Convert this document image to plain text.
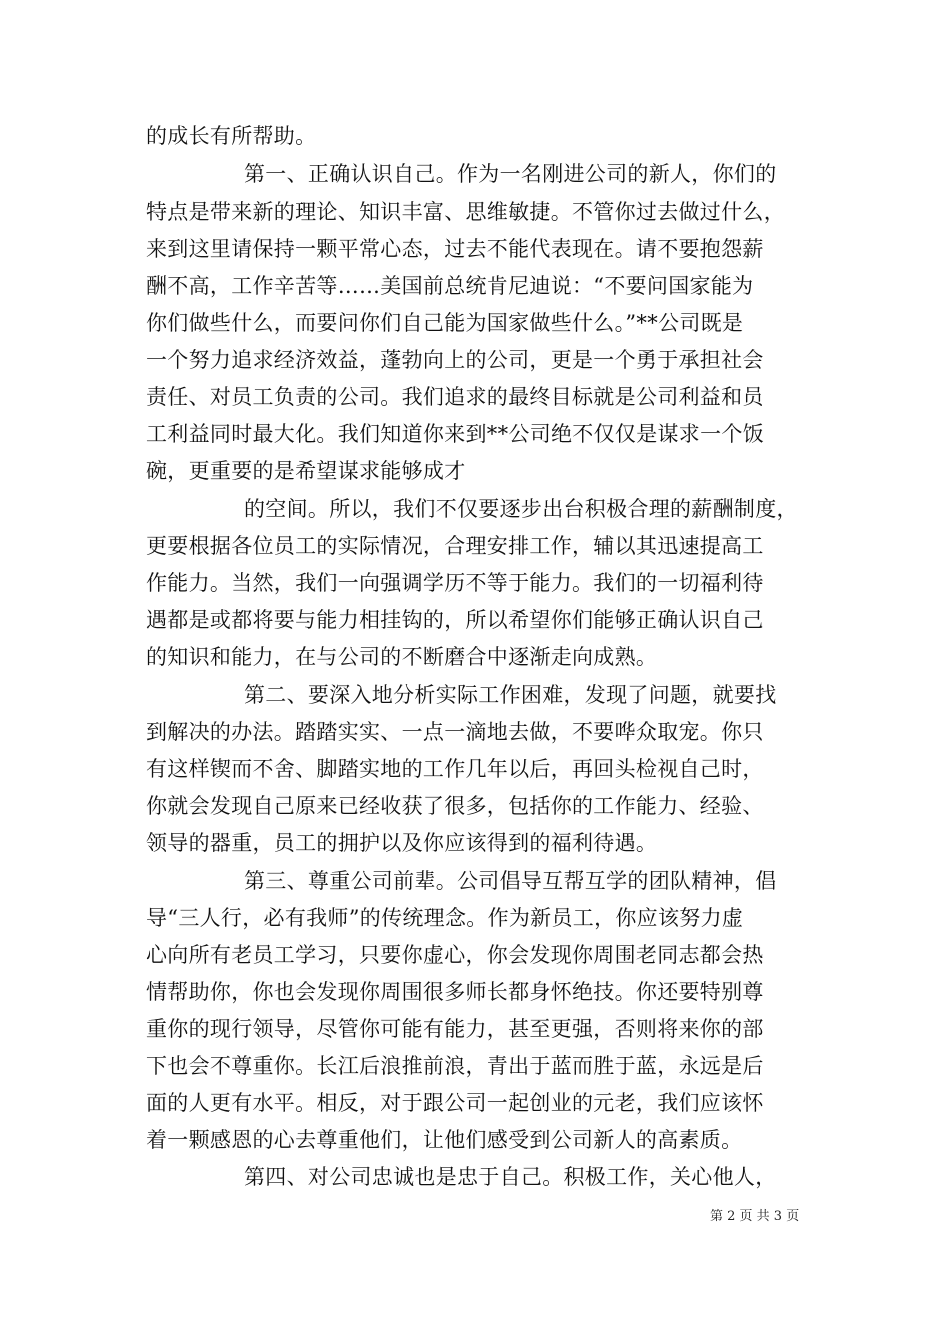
的成长有所帮助。
第一、正确认识自己。作为一名刚进公司的新人，你们的
特点是带来新的理论、知识丰富、思维敏捷。不管你过去做过什么，
来到这里请保持一颗平常心态，过去不能代表现在。请不要抱怨薪
酬不高，工作辛苦等……美国前总统肯尼迪说：“不要问国家能为
你们做些什么，而要问你们自己能为国家做些什么。”**公司既是
一个努力追求经济效益，蓬勃向上的公司，更是一个勇于承担社会
责任、对员工负责的公司。我们追求的最终目标就是公司利益和员
工利益同时最大化。我们知道你来到**公司绝不仅仅是谋求一个饭
碗，更重要的是希望谋求能够成才
的空间。所以，我们不仅要逐步出台积极合理的薪酬制度，
更要根据各位员工的实际情况，合理安排工作，辅以其迅速提高工
作能力。当然，我们一向强调学历不等于能力。我们的一切福利待
遇都是或都将要与能力相挂钩的，所以希望你们能够正确认识自己
的知识和能力，在与公司的不断磨合中逐渐走向成熟。
第二、要深入地分析实际工作困难，发现了问题，就要找
到解决的办法。踏踏实实、一点一滴地去做，不要哗众取宠。你只
有这样锲而不舍、脚踏实地的工作几年以后，再回头检视自己时，
你就会发现自己原来已经收获了很多，包括你的工作能力、经验、
领导的器重，员工的拥护以及你应该得到的福利待遇。
第三、尊重公司前辈。公司倡导互帮互学的团队精神，倡
导“三人行，必有我师”的传统理念。作为新员工，你应该努力虚
心向所有老员工学习，只要你虚心，你会发现你周围老同志都会热
情帮助你，你也会发现你周围很多师长都身怀绝技。你还要特别尊
重你的现行领导，尽管你可能有能力，甚至更强，否则将来你的部
下也会不尊重你。长江后浪推前浪，青出于蓝而胜于蓝，永远是后
面的人更有水平。相反，对于跟公司一起创业的元老，我们应该怀
着一颗感恩的心去尊重他们，让他们感受到公司新人的高素质。
第四、对公司忠诚也是忠于自己。积极工作，关心他人，
第 2 页 共 3 页
